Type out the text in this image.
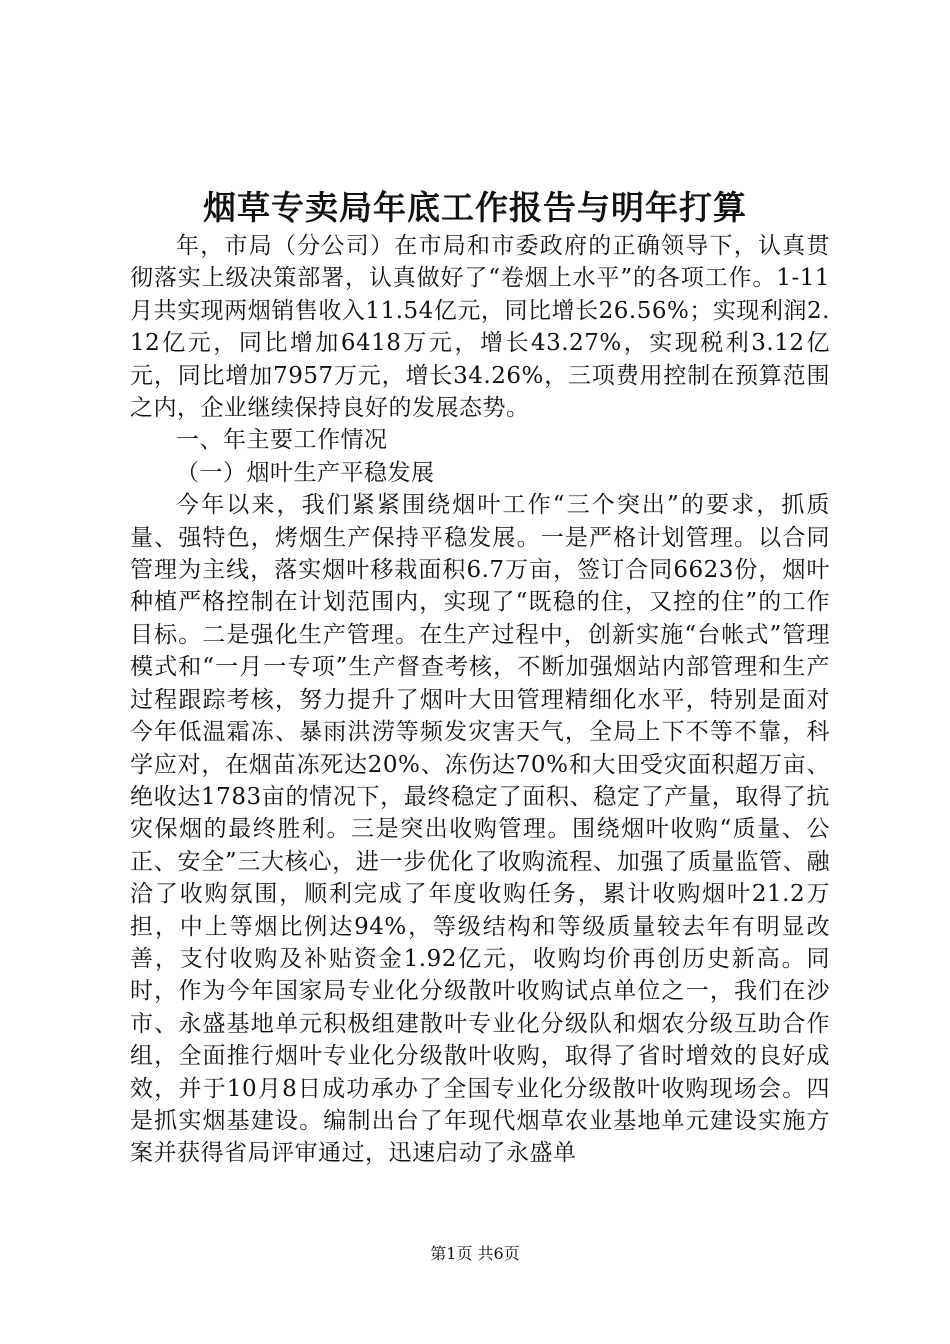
烟草专卖局年底工作报告与明年打算

年，市局（分公司）在市局和市委政府的正确领导下，认真贯彻落实上级决策部署，认真做好了“卷烟上水平”的各项工作。1-11月共实现两烟销售收入11.54亿元，同比增长26.56%；实现利润2.12亿元，同比增加6418万元，增长43.27%，实现税利3.12亿元，同比增加7957万元，增长34.26%，三项费用控制在预算范围之内，企业继续保持良好的发展态势。

一、年主要工作情况

（一）烟叶生产平稳发展

今年以来，我们紧紧围绕烟叶工作“三个突出”的要求，抓质量、强特色，烤烟生产保持平稳发展。一是严格计划管理。以合同管理为主线，落实烟叶移栽面积6.7万亩，签订合同6623份，烟叶种植严格控制在计划范围内，实现了“既稳的住，又控的住”的工作目标。二是强化生产管理。在生产过程中，创新实施“台帐式”管理模式和“一月一专项”生产督查考核，不断加强烟站内部管理和生产过程跟踪考核，努力提升了烟叶大田管理精细化水平，特别是面对今年低温霜冻、暴雨洪涝等频发灾害天气，全局上下不等不靠，科学应对，在烟苗冻死达20%、冻伤达70%和大田受灾面积超万亩、绝收达1783亩的情况下，最终稳定了面积、稳定了产量，取得了抗灾保烟的最终胜利。三是突出收购管理。围绕烟叶收购“质量、公正、安全”三大核心，进一步优化了收购流程、加强了质量监管、融洽了收购氛围，顺利完成了年度收购任务，累计收购烟叶21.2万担，中上等烟比例达94%，等级结构和等级质量较去年有明显改善，支付收购及补贴资金1.92亿元，收购均价再创历史新高。同时，作为今年国家局专业化分级散叶收购试点单位之一，我们在沙市、永盛基地单元积极组建散叶专业化分级队和烟农分级互助合作组，全面推行烟叶专业化分级散叶收购，取得了省时增效的良好成效，并于10月8日成功承办了全国专业化分级散叶收购现场会。四是抓实烟基建设。编制出台了年现代烟草农业基地单元建设实施方案并获得省局评审通过，迅速启动了永盛单

第1页 共6页
